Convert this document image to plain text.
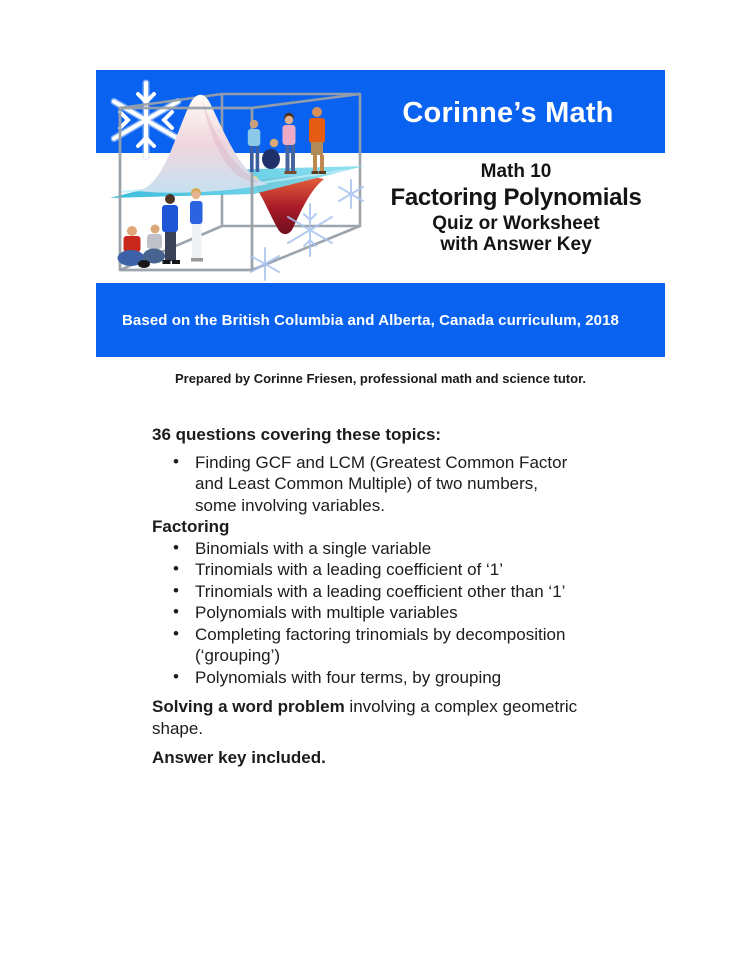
Corinne’s Math
Math 10
Factoring Polynomials
Quiz or Worksheet
with Answer Key
Based on the British Columbia and Alberta, Canada curriculum, 2018
Prepared by Corinne Friesen, professional math and science tutor.

36 questions covering these topics:

• Finding GCF and LCM (Greatest Common Factor and Least Common Multiple) of two numbers, some involving variables.

Factoring

• Binomials with a single variable
• Trinomials with a leading coefficient of ‘1’
• Trinomials with a leading coefficient other than ‘1’
• Polynomials with multiple variables
• Completing factoring trinomials by decomposition (‘grouping’)
• Polynomials with four terms, by grouping

Solving a word problem involving a complex geometric shape.

Answer key included.
